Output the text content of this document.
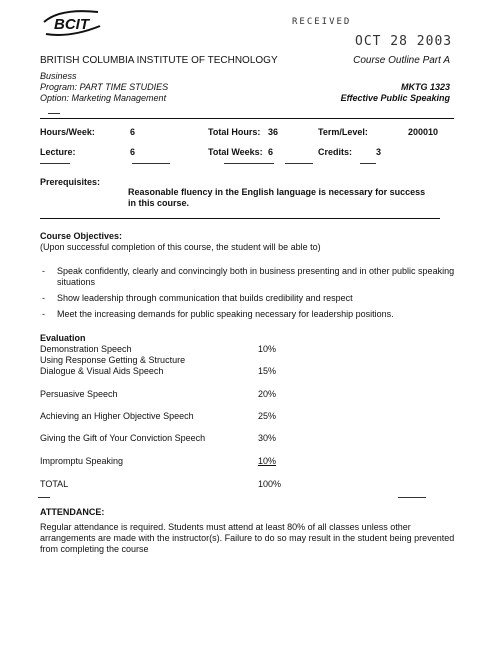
BCIT	RECEIVED
OCT 28 2003
BRITISH COLUMBIA INSTITUTE OF TECHNOLOGY	Course Outline Part A
Business
Program: PART TIME STUDIES	MKTG 1323
Option: Marketing Management	Effective Public Speaking
Hours/Week:	6	Total Hours: 36	Term/Level:	200010
Lecture:	6	Total Weeks: 6	Credits:	3
Prerequisites:
Reasonable fluency in the English language is necessary for success
in this course.
Course Objectives:
(Upon successful completion of this course, the student will be able to)
- Speak confidently, clearly and convincingly both in business presenting and in other public speaking situations
- Show leadership through communication that builds credibility and respect
- Meet the increasing demands for public speaking necessary for leadership positions.
Evaluation
Demonstration Speech	10%
Using Response Getting & Structure
Dialogue & Visual Aids Speech	15%
Persuasive Speech	20%
Achieving an Higher Objective Speech	25%
Giving the Gift of Your Conviction Speech	30%
Impromptu Speaking	10%
TOTAL	100%
ATTENDANCE:
Regular attendance is required. Students must attend at least 80% of all classes unless other arrangements are made with the instructor(s). Failure to do so may result in the student being prevented from completing the course
